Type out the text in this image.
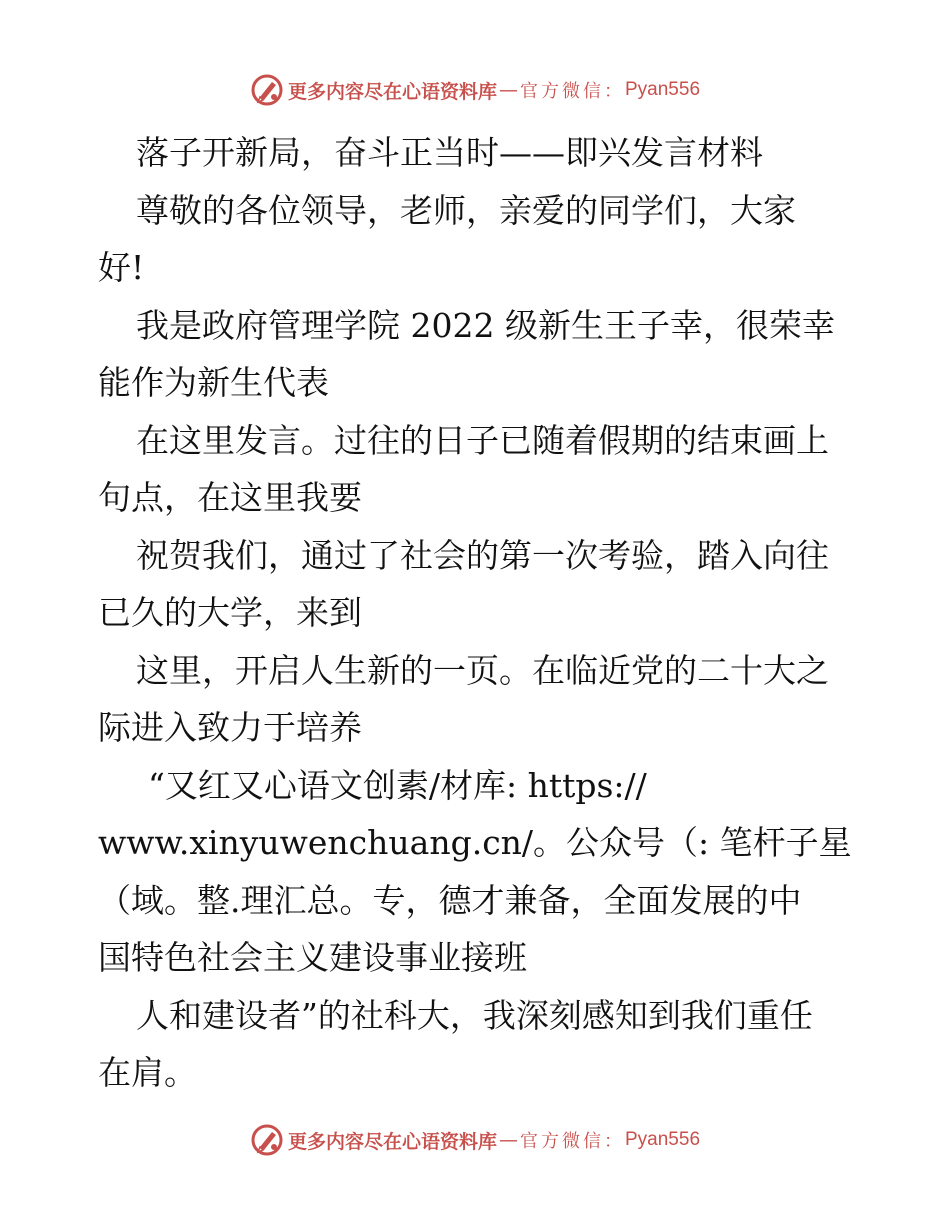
更多内容尽在心语资料库 — 官方微信： Pyan556
落子开新局，奋斗正当时——即兴发言材料
尊敬的各位领导，老师，亲爱的同学们，大家
好!
我是政府管理学院 2022 级新生王子幸，很荣幸
能作为新生代表
在这里发言。过往的日子已随着假期的结束画上
句点，在这里我要
祝贺我们，通过了社会的第一次考验，踏入向往
已久的大学，来到
这里，开启人生新的一页。在临近党的二十大之
际进入致力于培养
“又红又心语文创素/材库: https://
www.xinyuwenchuang.cn/。公众号（: 笔杆子星
（域。整.理汇总。专，德才兼备，全面发展的中
国特色社会主义建设事业接班
人和建设者”的社科大，我深刻感知到我们重任
在肩。
更多内容尽在心语资料库 — 官方微信： Pyan556
